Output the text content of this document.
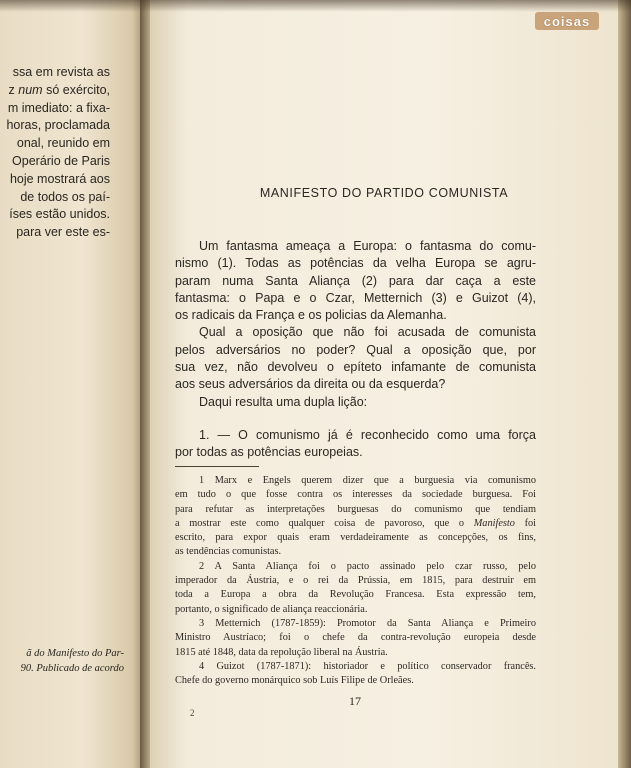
ssa em revista as
z num só exército,
m imediato: a fixa-
horas, proclamada
onal, reunido em
Operário de Paris
hoje mostrará aos
de todos os paí-
íses estão unidos.
para ver este es-
ã do Manifesto do Par-
90. Publicado de acordo
coisas
MANIFESTO DO PARTIDO COMUNISTA
Um fantasma ameaça a Europa: o fantasma do comu-
nismo (1). Todas as potências da velha Europa se agru-
param numa Santa Aliança (2) para dar caça a este
fantasma: o Papa e o Czar, Metternich (3) e Guizot (4),
os radicais da França e os policias da Alemanha.
Qual a oposição que não foi acusada de comunista
pelos adversários no poder? Qual a oposição que, por
sua vez, não devolveu o epíteto infamante de comunista
aos seus adversários da direita ou da esquerda?
Daqui resulta uma dupla lição:
1. — O comunismo já é reconhecido como uma força
por todas as potências europeias.
1 Marx e Engels querem dizer que a burguesia via comunismo
em tudo o que fosse contra os interesses da sociedade burguesa. Foi
para refutar as interpretações burguesas do comunismo que tendiam
a mostrar este como qualquer coisa de pavoroso, que o Manifesto foi
escrito, para expor quais eram verdadeiramente as concepções, os fins,
as tendências comunistas.
2 A Santa Aliança foi o pacto assinado pelo czar russo, pelo
imperador da Áustria, e o rei da Prússia, em 1815, para destruir em
toda a Europa a obra da Revolução Francesa. Esta expressão tem,
portanto, o significado de aliança reaccionária.
3 Metternich (1787-1859): Promotor da Santa Aliança e Primeiro
Ministro Austríaco; foi o chefe da contra-revolução europeia desde
1815 até 1848, data da repolução liberal na Áustria.
4 Guizot (1787-1871): historiador e político conservador francês.
Chefe do governo monárquico sob Luís Filipe de Orleães.
17
2
